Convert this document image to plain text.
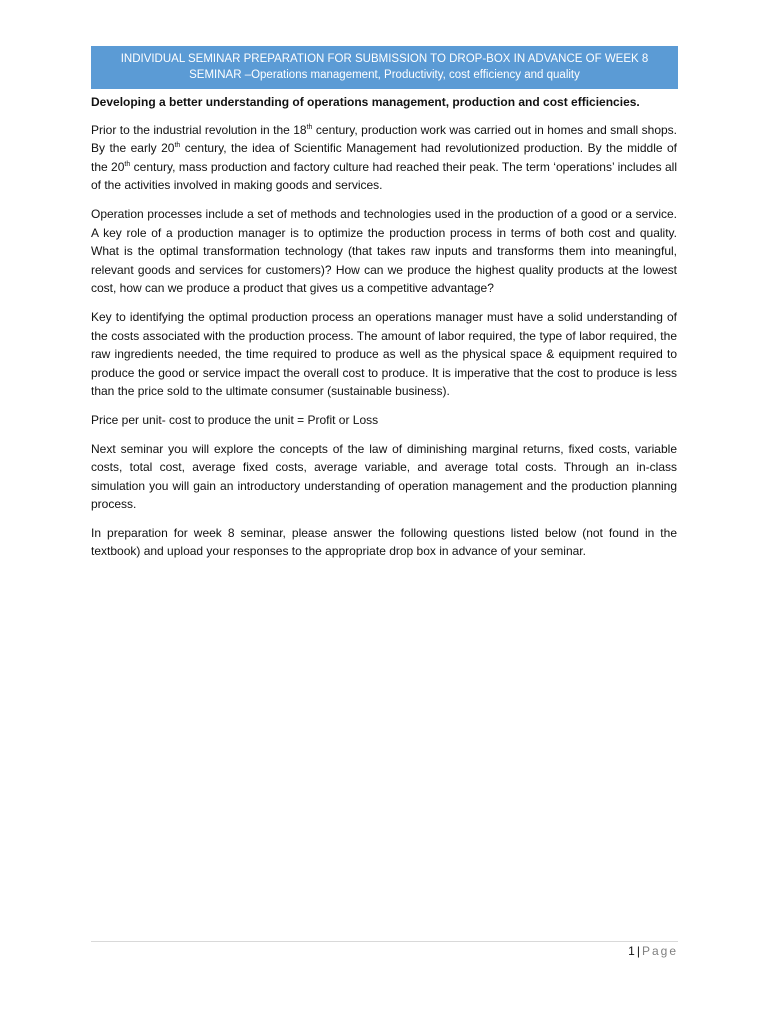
INDIVIDUAL SEMINAR PREPARATION FOR SUBMISSION TO DROP-BOX IN ADVANCE OF WEEK 8
SEMINAR –Operations management, Productivity, cost efficiency and quality

Developing a better understanding of operations management, production and cost efficiencies.

Prior to the industrial revolution in the 18th century, production work was carried out in homes and small shops. By the early 20th century, the idea of Scientific Management had revolutionized production. By the middle of the 20th century, mass production and factory culture had reached their peak. The term ‘operations’ includes all of the activities involved in making goods and services.

Operation processes include a set of methods and technologies used in the production of a good or a service. A key role of a production manager is to optimize the production process in terms of both cost and quality. What is the optimal transformation technology (that takes raw inputs and transforms them into meaningful, relevant goods and services for customers)? How can we produce the highest quality products at the lowest cost, how can we produce a product that gives us a competitive advantage?

Key to identifying the optimal production process an operations manager must have a solid understanding of the costs associated with the production process. The amount of labor required, the type of labor required, the raw ingredients needed, the time required to produce as well as the physical space & equipment required to produce the good or service impact the overall cost to produce. It is imperative that the cost to produce is less than the price sold to the ultimate consumer (sustainable business).

Price per unit- cost to produce the unit = Profit or Loss

Next seminar you will explore the concepts of the law of diminishing marginal returns, fixed costs, variable costs, total cost, average fixed costs, average variable, and average total costs. Through an in-class simulation you will gain an introductory understanding of operation management and the production planning process.

In preparation for week 8 seminar, please answer the following questions listed below (not found in the textbook) and upload your responses to the appropriate drop box in advance of your seminar.

1 | Page
